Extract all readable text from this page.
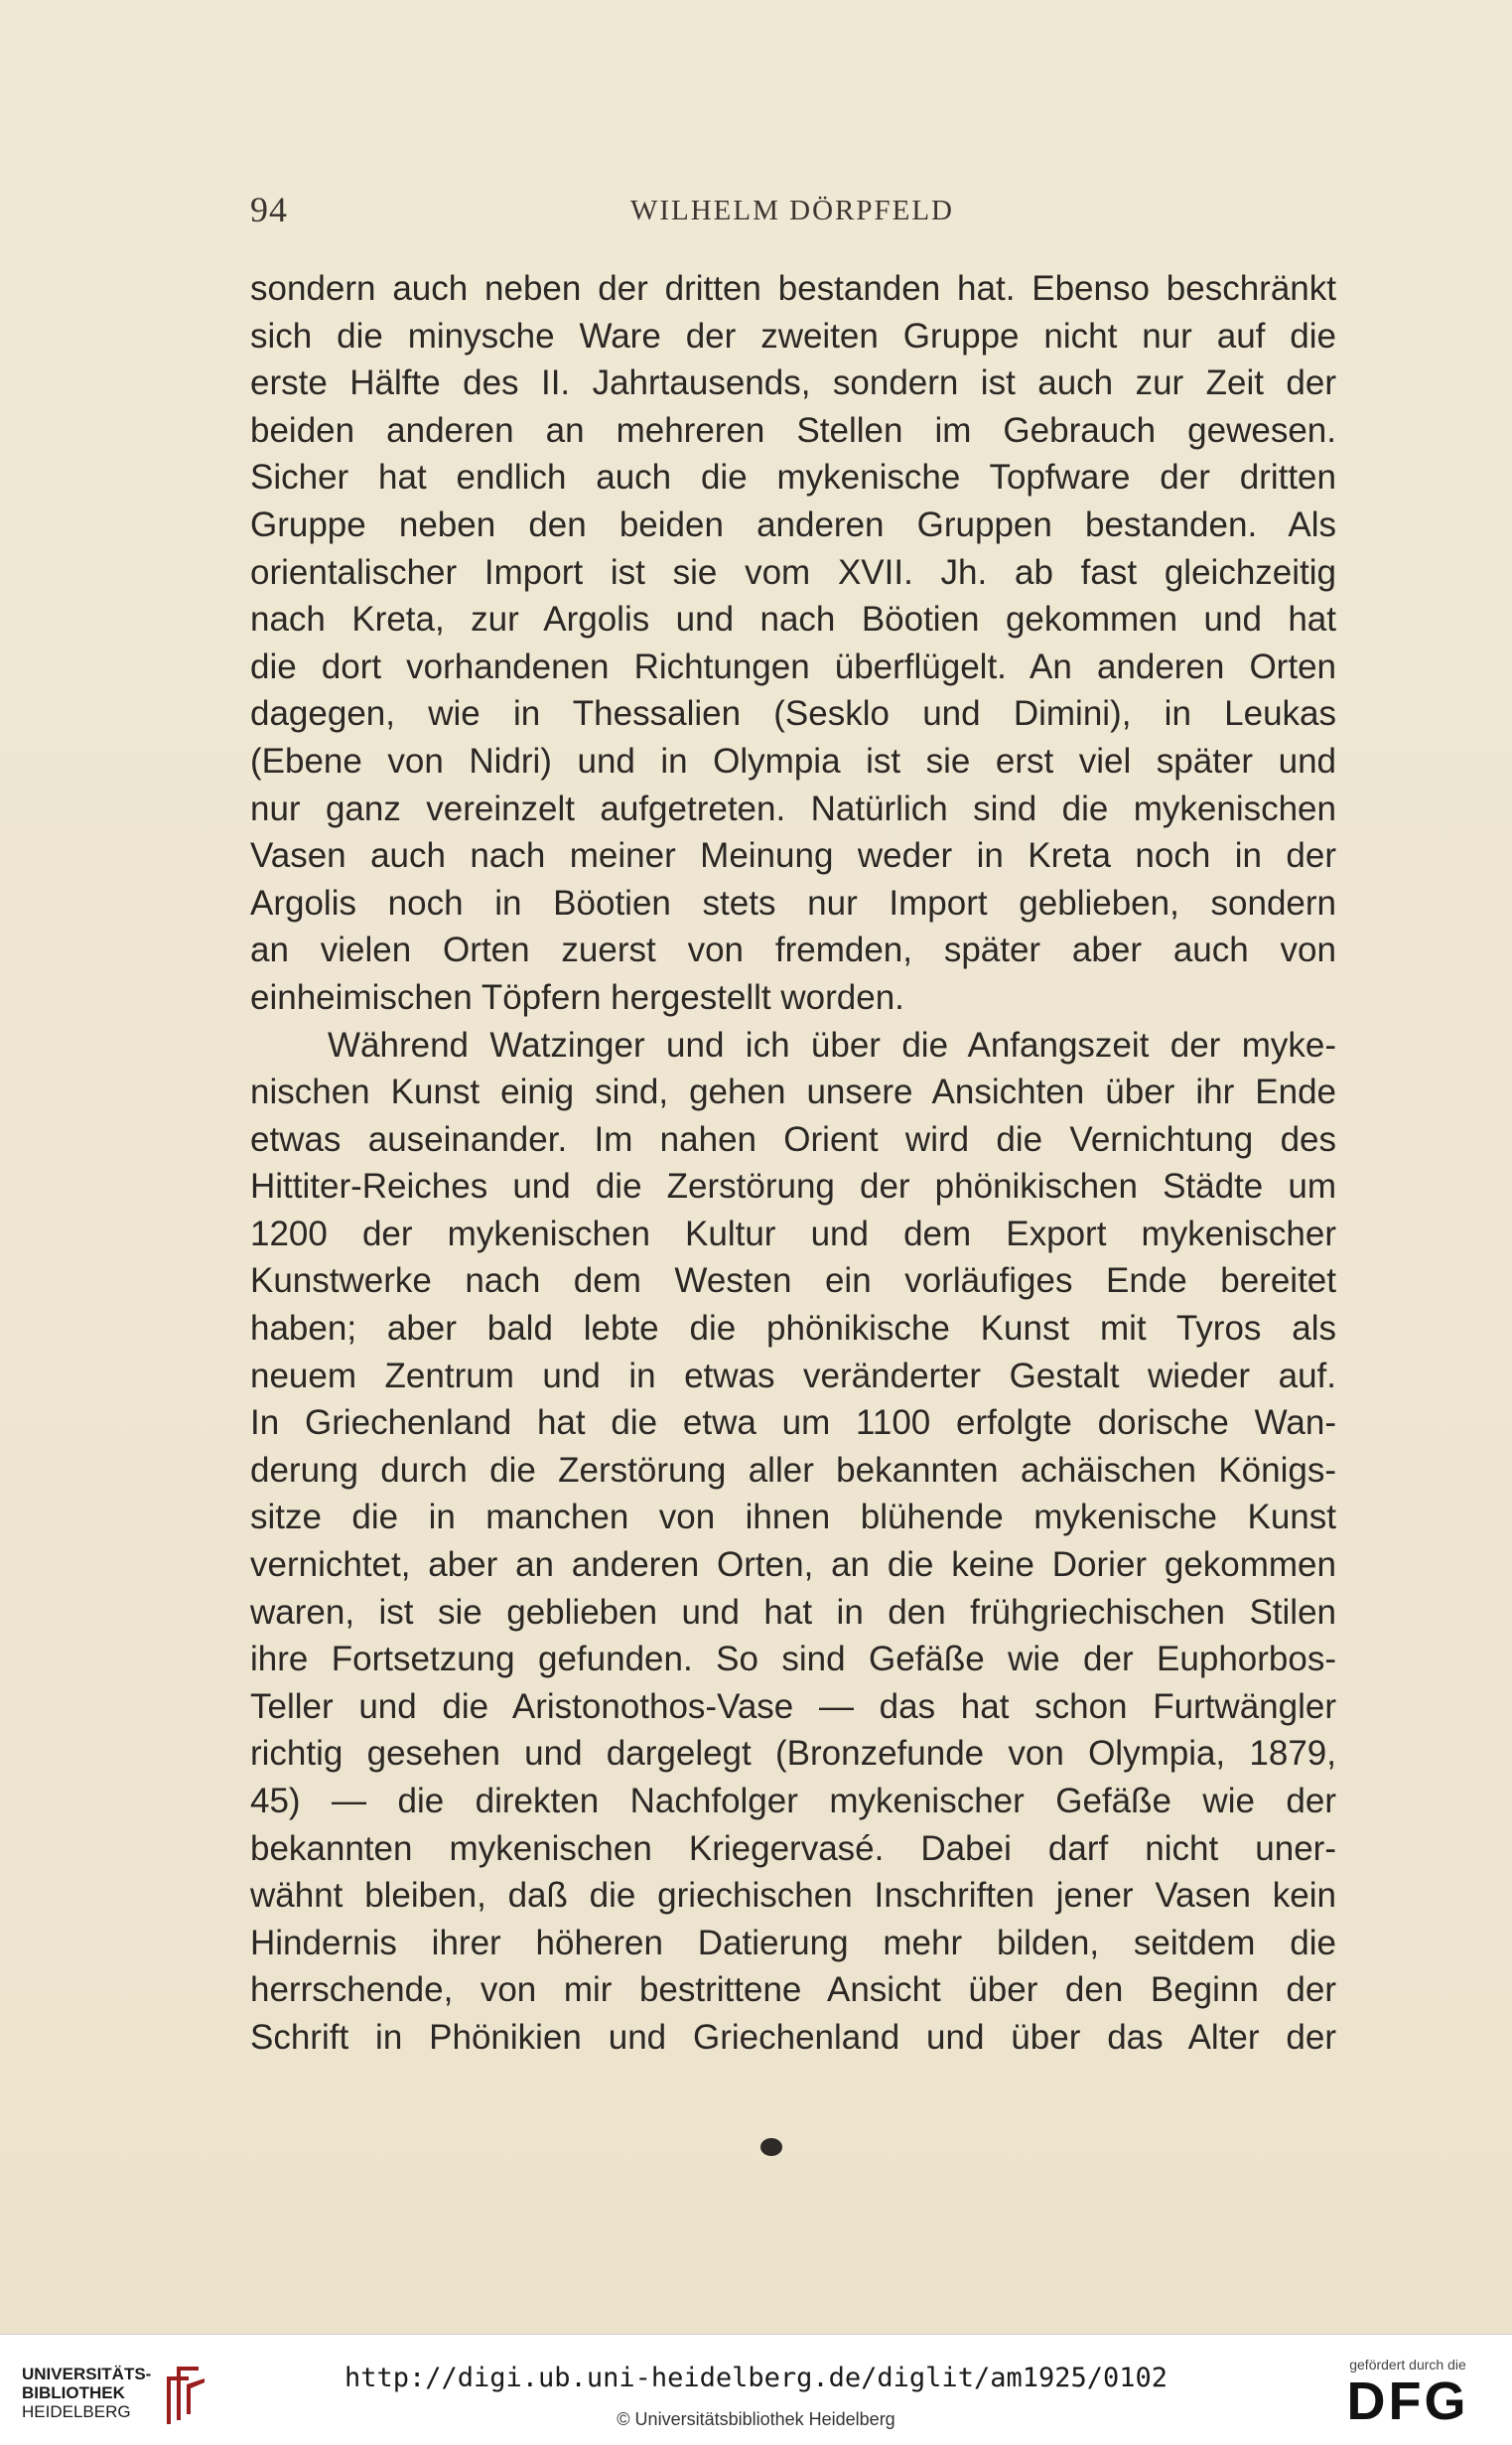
94	WILHELM DÖRPFELD
sondern auch neben der dritten bestanden hat. Ebenso beschränkt
sich die minysche Ware der zweiten Gruppe nicht nur auf die
erste Hälfte des II. Jahrtausends, sondern ist auch zur Zeit der
beiden anderen an mehreren Stellen im Gebrauch gewesen.
Sicher hat endlich auch die mykenische Topfware der dritten
Gruppe neben den beiden anderen Gruppen bestanden. Als
orientalischer Import ist sie vom XVII. Jh. ab fast gleichzeitig
nach Kreta, zur Argolis und nach Böotien gekommen und hat
die dort vorhandenen Richtungen überflügelt. An anderen Orten
dagegen, wie in Thessalien (Sesklo und Dimini), in Leukas
(Ebene von Nidri) und in Olympia ist sie erst viel später und
nur ganz vereinzelt aufgetreten. Natürlich sind die mykenischen
Vasen auch nach meiner Meinung weder in Kreta noch in der
Argolis noch in Böotien stets nur Import geblieben, sondern
an vielen Orten zuerst von fremden, später aber auch von
einheimischen Töpfern hergestellt worden.
Während Watzinger und ich über die Anfangszeit der myke-
nischen Kunst einig sind, gehen unsere Ansichten über ihr Ende
etwas auseinander. Im nahen Orient wird die Vernichtung des
Hittiter-Reiches und die Zerstörung der phönikischen Städte um
1200 der mykenischen Kultur und dem Export mykenischer
Kunstwerke nach dem Westen ein vorläufiges Ende bereitet
haben; aber bald lebte die phönikische Kunst mit Tyros als
neuem Zentrum und in etwas veränderter Gestalt wieder auf.
In Griechenland hat die etwa um 1100 erfolgte dorische Wan-
derung durch die Zerstörung aller bekannten achäischen Königs-
sitze die in manchen von ihnen blühende mykenische Kunst
vernichtet, aber an anderen Orten, an die keine Dorier gekommen
waren, ist sie geblieben und hat in den frühgriechischen Stilen
ihre Fortsetzung gefunden. So sind Gefäße wie der Euphorbos-
Teller und die Aristonothos-Vase — das hat schon Furtwängler
richtig gesehen und dargelegt (Bronzefunde von Olympia, 1879,
45) — die direkten Nachfolger mykenischer Gefäße wie der
bekannten mykenischen Kriegervasé. Dabei darf nicht uner-
wähnt bleiben, daß die griechischen Inschriften jener Vasen kein
Hindernis ihrer höheren Datierung mehr bilden, seitdem die
herrschende, von mir bestrittene Ansicht über den Beginn der
Schrift in Phönikien und Griechenland und über das Alter der
UNIVERSITÄTS-
BIBLIOTHEK
HEIDELBERG
http://digi.ub.uni-heidelberg.de/diglit/am1925/0102
© Universitätsbibliothek Heidelberg
gefördert durch die
DFG
